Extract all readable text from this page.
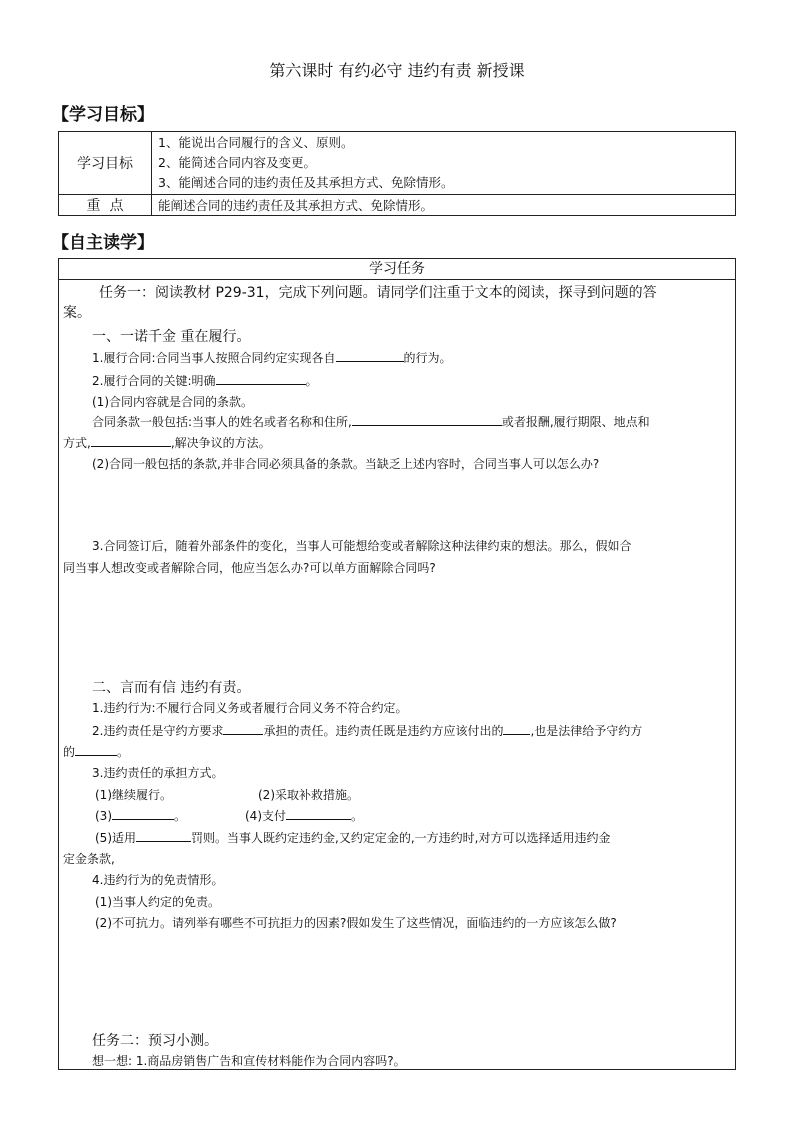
第六课时 有约必守 违约有责 新授课
【学习目标】
学习目标	1、能说出合同履行的含义、原则。
2、能简述合同内容及变更。
3、能阐述合同的违约责任及其承担方式、免除情形。

重  点	能阐述合同的违约责任及其承担方式、免除情形。
【自主读学】
学习任务
任务一：阅读教材 P29-31，完成下列问题。请同学们注重于文本的阅读，探寻到问题的答
案。
一、一诺千金 重在履行。
1.履行合同:合同当事人按照合同约定实现各自	的行为。
2.履行合同的关键:明确	。
(1)合同内容就是合同的条款。
合同条款一般包括:当事人的姓名或者名称和住所,	或者报酬,履行期限、地点和
方式,	,解决争议的方法。
(2)合同一般包括的条款,并非合同必须具备的条款。当缺乏上述内容时，合同当事人可以怎么办?
3.合同签订后，随着外部条件的变化，当事人可能想给变或者解除这种法律约束的想法。那么，假如合
同当事人想改变或者解除合同，他应当怎么办?可以单方面解除合同吗?
二、言而有信 违约有责。
1.违约行为:不履行合同义务或者履行合同义务不符合约定。
2.违约责任是守约方要求	承担的责任。违约责任既是违约方应该付出的 ,也是法律给予守约方
的	。
3.违约责任的承担方式。
(1)继续履行。	(2)采取补救措施。
(3)	。	(4)支付	。
(5)适用	罚则。当事人既约定违约金,又约定定金的,一方违约时,对方可以选择适用违约金
定金条款,
4.违约行为的免责情形。
(1)当事人约定的免责。
(2)不可抗力。请列举有哪些不可抗拒力的因素?假如发生了这些情况，面临违约的一方应该怎么做?
任务二：预习小测。
想一想: 1.商品房销售广告和宣传材料能作为合同内容吗?。
